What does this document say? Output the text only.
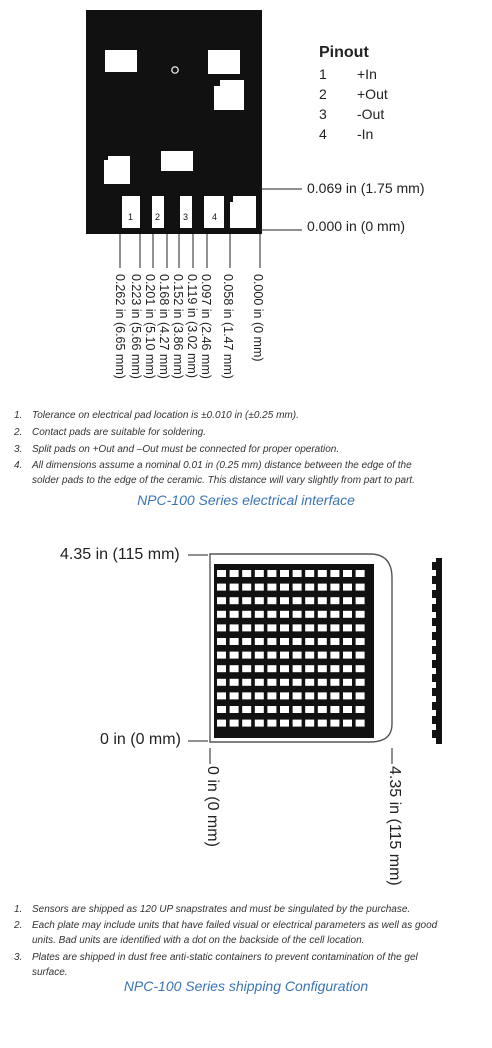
1 2	3	4
Pinout
1 +In
2 +Out
3 -Out
4 -In
0.069 in (1.75 mm)
0.000 in (0 mm)
0.262 in (6.65 mm) 0.223 in (5.66 mm) 0.201 in (5.10 mm) 0.168 in (4.27 mm) 0.152 in (3.86 mm) 0.119 in (3.02 mm) 0.097 in (2.46 mm) 0.058 in (1.47 mm) 0.000 in (0 mm)
1. Tolerance on electrical pad location is ±0.010 in (±0.25 mm).
2. Contact pads are suitable for soldering.
3. Split pads on +Out and –Out must be connected for proper operation.
4. All dimensions assume a nominal 0.01 in (0.25 mm) distance between the edge of the
solder pads to the edge of the ceramic. This distance will vary slightly from part to part.
NPC-100 Series electrical interface
4.35 in (115 mm)
0 in (0 mm)
0 in (0 mm)	4.35 in (115 mm)
1. Sensors are shipped as 120 UP snapstrates and must be singulated by the purchase.
2. Each plate may include units that have failed visual or electrical parameters as well as good
units. Bad units are identified with a dot on the backside of the cell location.
3. Plates are shipped in dust free anti-static containers to prevent contamination of the gel
surface.
NPC-100 Series shipping Configuration
